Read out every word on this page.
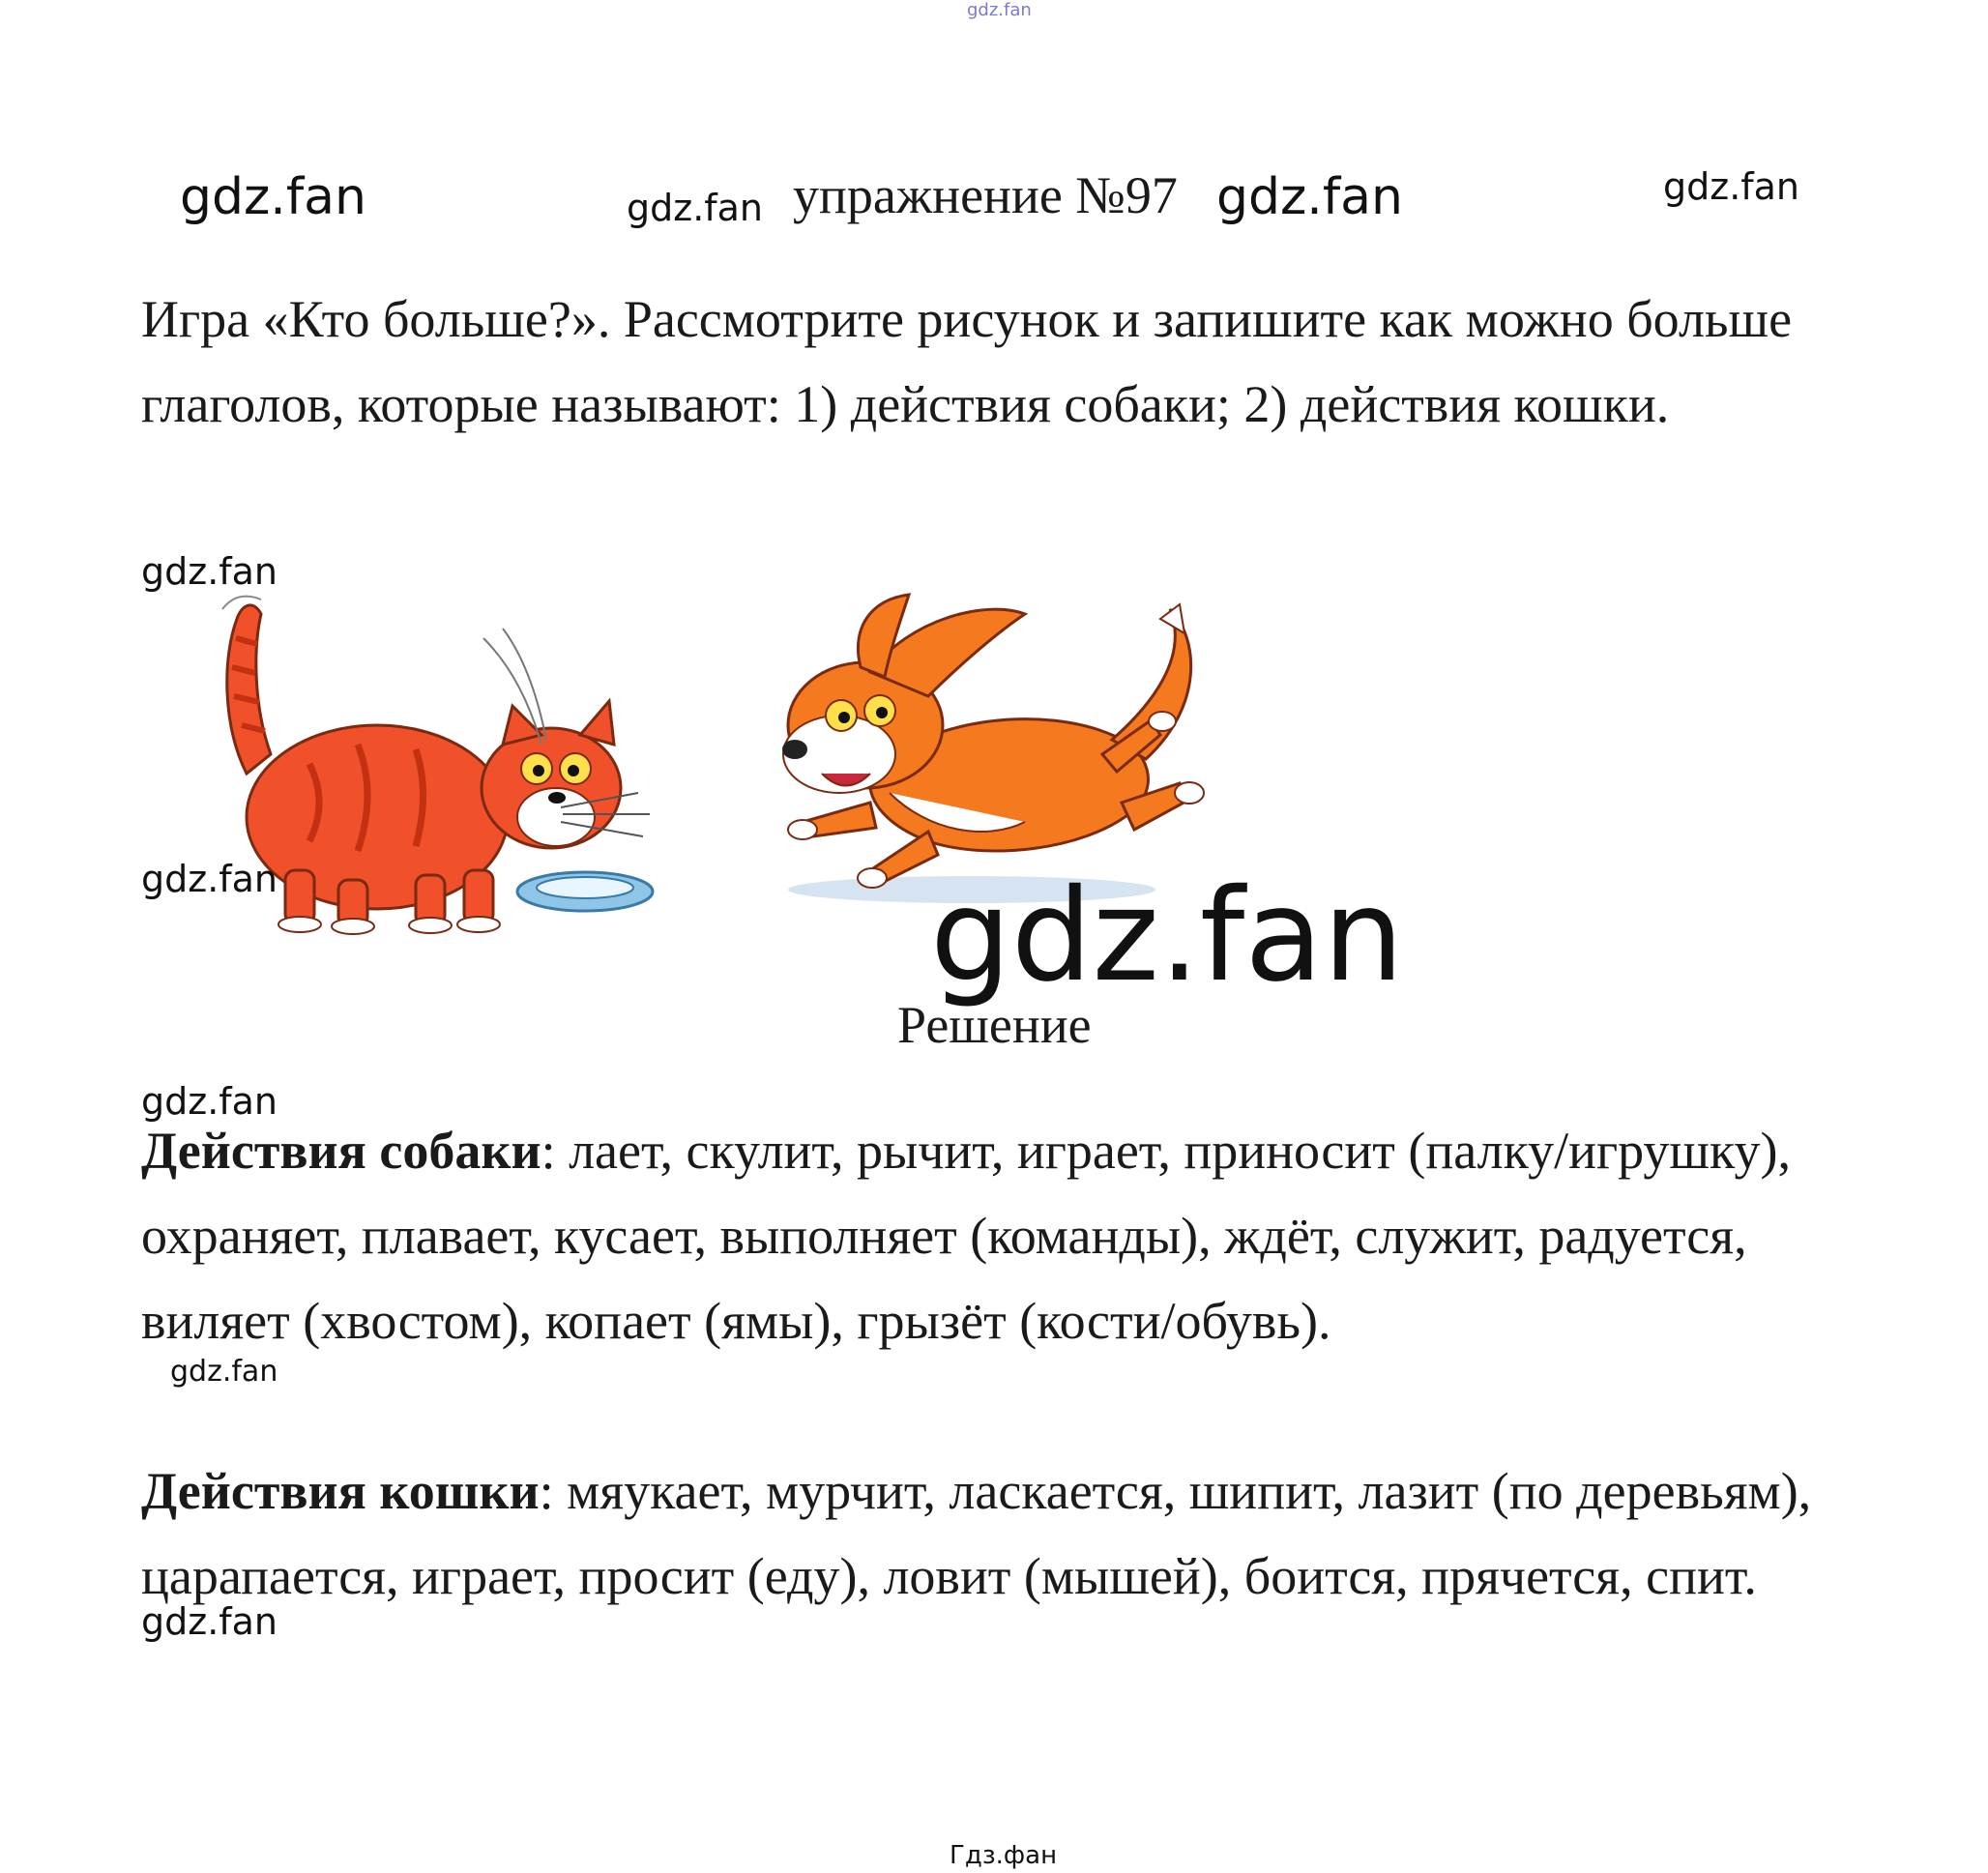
gdz.fan
gdz.fan	gdz.fan упражнение №97 gdz.fan	gdz.fan

Игра «Кто больше?». Рассмотрите рисунок и запишите как можно больше глаголов, которые называют: 1) действия собаки; 2) действия кошки.

gdz.fan
gdz.fan	gdz.fan
Решение
gdz.fan

Действия собаки: лает, скулит, рычит, играет, приносит (палку/игрушку), охраняет, плавает, кусает, выполняет (команды), ждёт, служит, радуется, виляет (хвостом), копает (ямы), грызёт (кости/обувь).

gdz.fan

Действия кошки: мяукает, мурчит, ласкается, шипит, лазит (по деревьям), царапается, играет, просит (еду), ловит (мышей), боится, прячется, спит.

gdz.fan
Гдз.фан
